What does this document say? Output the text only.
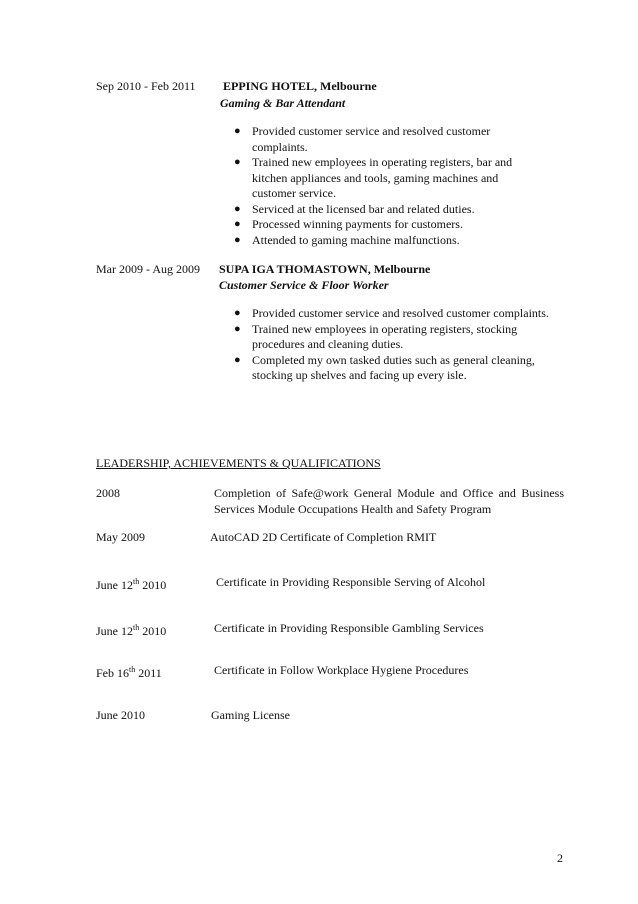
Sep 2010 - Feb 2011 EPPING HOTEL, Melbourne
Gaming & Bar Attendant
● Provided customer service and resolved customer complaints.
● Trained new employees in operating registers, bar and kitchen appliances and tools, gaming machines and customer service.
● Serviced at the licensed bar and related duties.
● Processed winning payments for customers.
● Attended to gaming machine malfunctions.
Mar 2009 - Aug 2009 SUPA IGA THOMASTOWN, Melbourne
Customer Service & Floor Worker
● Provided customer service and resolved customer complaints.
● Trained new employees in operating registers, stocking procedures and cleaning duties.
● Completed my own tasked duties such as general cleaning, stocking up shelves and facing up every isle.
LEADERSHIP, ACHIEVEMENTS & QUALIFICATIONS
2008	Completion of Safe@work General Module and Office and Business Services Module Occupations Health and Safety Program
May 2009	AutoCAD 2D Certificate of Completion RMIT
June 12th 2010	Certificate in Providing Responsible Serving of Alcohol
June 12th 2010	Certificate in Providing Responsible Gambling Services
Feb 16th 2011	Certificate in Follow Workplace Hygiene Procedures
June 2010	Gaming License
2
